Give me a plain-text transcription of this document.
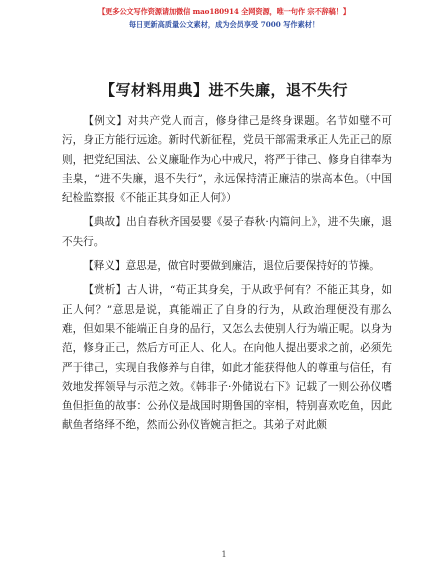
【更多公文写作资源请加微信 mao180914 全网资源，唯一句作 宗不辞稿！】
每日更新高质量公文素材，成为会员享受 7000 写作素材！
【写材料用典】进不失廉，退不失行

【例文】对共产党人而言，修身律己是终身课题。名节如璧不可污，身正方能行远途。新时代新征程，党员干部需秉承正人先正己的原则，把党纪国法、公义廉耻作为心中戒尺，将严于律己、修身自律奉为圭臬，“进不失廉，退不失行”，永远保持清正廉洁的崇高本色。（中国纪检监察报《不能正其身如正人何》）

【典故】出自春秋齐国晏婴《晏子春秋·内篇问上》，进不失廉，退不失行。

【释义】意思是，做官时要做到廉洁，退位后要保持好的节操。

【赏析】古人讲，“苟正其身矣，于从政乎何有？不能正其身，如正人何？”意思是说，真能端正了自身的行为，从政治理便没有那么难，但如果不能端正自身的品行，又怎么去使别人行为端正呢。以身为范，修身正己，然后方可正人、化人。在向他人提出要求之前，必须先严于律己，实现自我修养与自律，如此才能获得他人的尊重与信任，有效地发挥领导与示范之效。《韩非子·外储说右下》记载了一则公孙仪嗜鱼但拒鱼的故事：公孙仪是战国时期鲁国的宰相，特别喜欢吃鱼，因此献鱼者络绎不绝，然而公孙仪皆婉言拒之。其弟子对此颇

1
